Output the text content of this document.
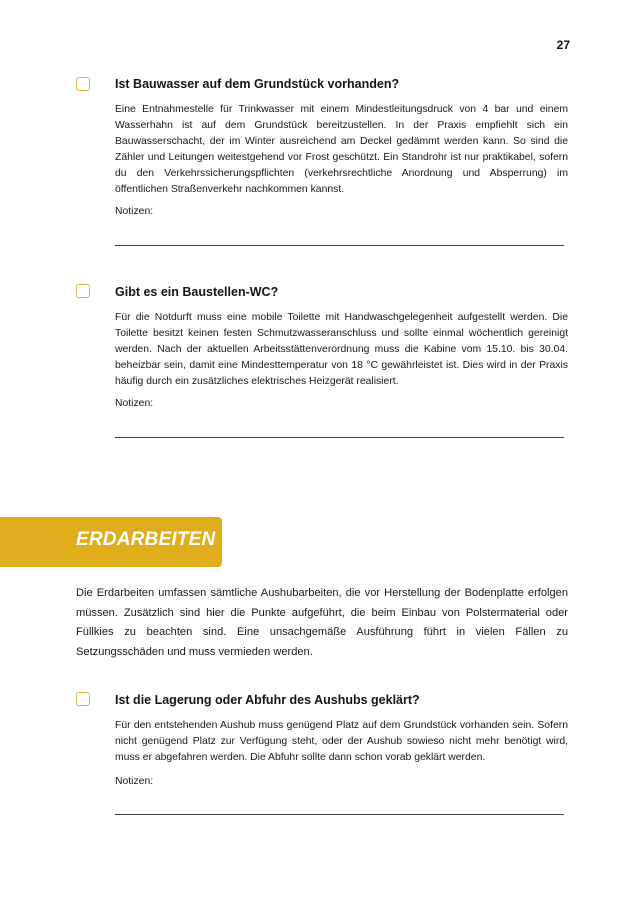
27
Ist Bauwasser auf dem Grundstück vorhanden?
Eine Entnahmestelle für Trinkwasser mit einem Mindestleitungsdruck von 4 bar und einem Wasserhahn ist auf dem Grundstück bereitzustellen. In der Praxis empfiehlt sich ein Bauwasserschacht, der im Winter ausreichend am Deckel gedämmt werden kann. So sind die Zähler und Leitungen weitestgehend vor Frost geschützt. Ein Standrohr ist nur praktikabel, sofern du den Verkehrssicherungspflichten (verkehrsrechtliche Anordnung und Absperrung) im öffentlichen Straßenverkehr nachkommen kannst.
Notizen:
Gibt es ein Baustellen-WC?
Für die Notdurft muss eine mobile Toilette mit Handwaschgelegenheit aufgestellt werden. Die Toilette besitzt keinen festen Schmutzwasseranschluss und sollte einmal wöchentlich gereinigt werden. Nach der aktuellen Arbeitsstättenverordnung muss die Kabine vom 15.10. bis 30.04. beheizbar sein, damit eine Mindesttemperatur von 18 °C gewährleistet ist. Dies wird in der Praxis häufig durch ein zusätzliches elektrisches Heizgerät realisiert.
Notizen:
ERDARBEITEN
Die Erdarbeiten umfassen sämtliche Aushubarbeiten, die vor Herstellung der Bodenplatte erfolgen müssen. Zusätzlich sind hier die Punkte aufgeführt, die beim Einbau von Polstermaterial oder Füllkies zu beachten sind. Eine unsachgemäße Ausführung führt in vielen Fällen zu Setzungsschäden und muss vermieden werden.
Ist die Lagerung oder Abfuhr des Aushubs geklärt?
Für den entstehenden Aushub muss genügend Platz auf dem Grundstück vorhanden sein. Sofern nicht genügend Platz zur Verfügung steht, oder der Aushub sowieso nicht mehr benötigt wird, muss er abgefahren werden. Die Abfuhr sollte dann schon vorab geklärt werden.
Notizen:
